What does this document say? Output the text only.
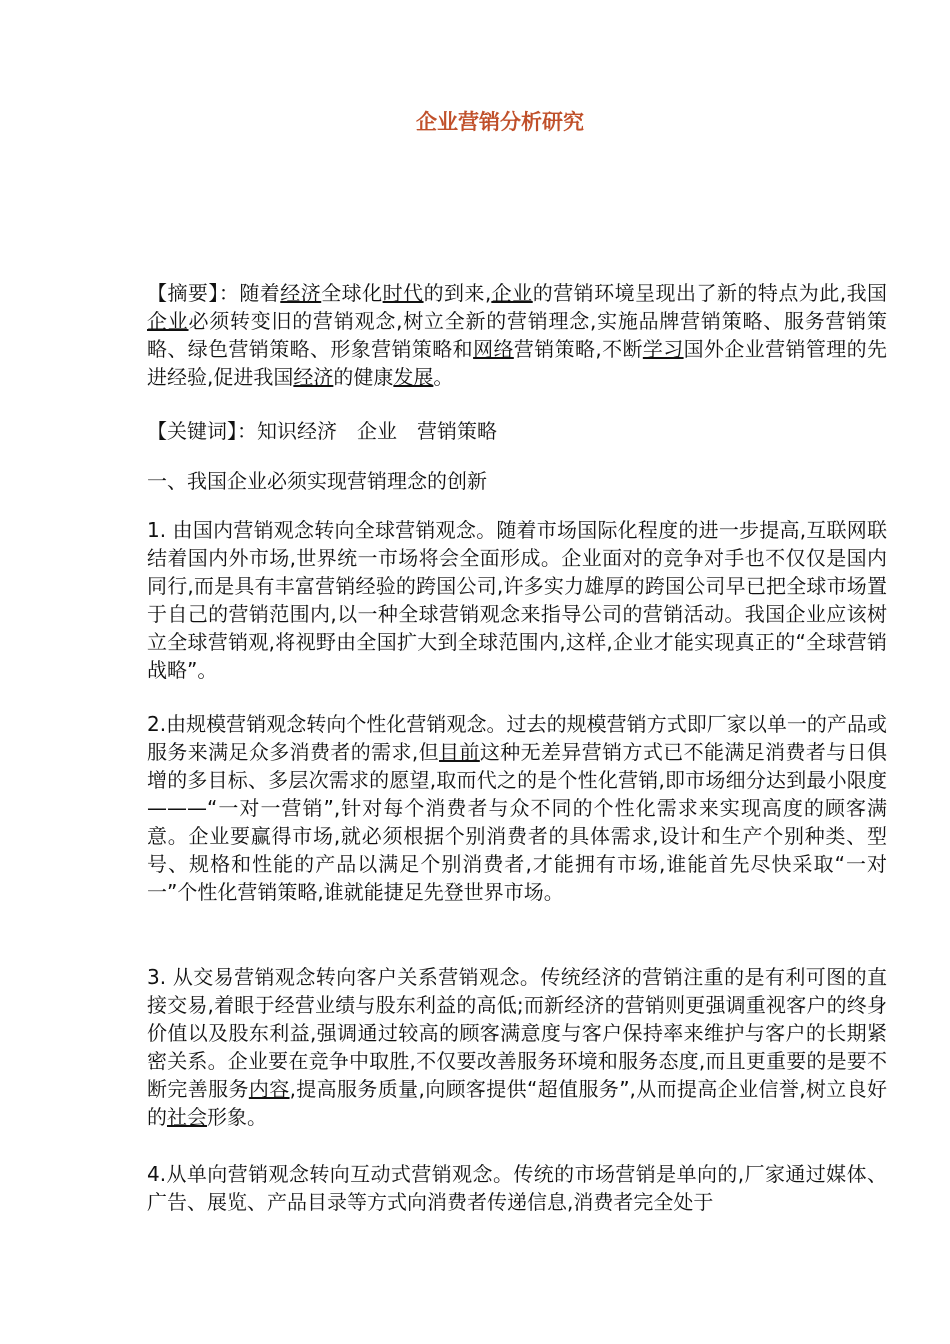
企业营销分析研究
【摘要】：随着经济全球化时代的到来,企业的营销环境呈现出了新的特点为此,我国企业必须转变旧的营销观念,树立全新的营销理念,实施品牌营销策略、服务营销策略、绿色营销策略、形象营销策略和网络营销策略,不断学习国外企业营销管理的先进经验,促进我国经济的健康发展。
【关键词】：知识经济 企业 营销策略
一、我国企业必须实现营销理念的创新
1. 由国内营销观念转向全球营销观念。随着市场国际化程度的进一步提高,互联网联结着国内外市场,世界统一市场将会全面形成。企业面对的竞争对手也不仅仅是国内同行,而是具有丰富营销经验的跨国公司,许多实力雄厚的跨国公司早已把全球市场置于自己的营销范围内,以一种全球营销观念来指导公司的营销活动。我国企业应该树立全球营销观,将视野由全国扩大到全球范围内,这样,企业才能实现真正的“全球营销战略”。
2.由规模营销观念转向个性化营销观念。过去的规模营销方式即厂家以单一的产品或服务来满足众多消费者的需求,但目前这种无差异营销方式已不能满足消费者与日俱增的多目标、多层次需求的愿望,取而代之的是个性化营销,即市场细分达到最小限度———“一对一营销”,针对每个消费者与众不同的个性化需求来实现高度的顾客满意。企业要赢得市场,就必须根据个别消费者的具体需求,设计和生产个别种类、型号、规格和性能的产品以满足个别消费者,才能拥有市场,谁能首先尽快采取“一对一”个性化营销策略,谁就能捷足先登世界市场。
3. 从交易营销观念转向客户关系营销观念。传统经济的营销注重的是有利可图的直接交易,着眼于经营业绩与股东利益的高低;而新经济的营销则更强调重视客户的终身价值以及股东利益,强调通过较高的顾客满意度与客户保持率来维护与客户的长期紧密关系。企业要在竞争中取胜,不仅要改善服务环境和服务态度,而且更重要的是要不断完善服务内容,提高服务质量,向顾客提供“超值服务”,从而提高企业信誉,树立良好的社会形象。
4.从单向营销观念转向互动式营销观念。传统的市场营销是单向的,厂家通过媒体、广告、展览、产品目录等方式向消费者传递信息,消费者完全处于
